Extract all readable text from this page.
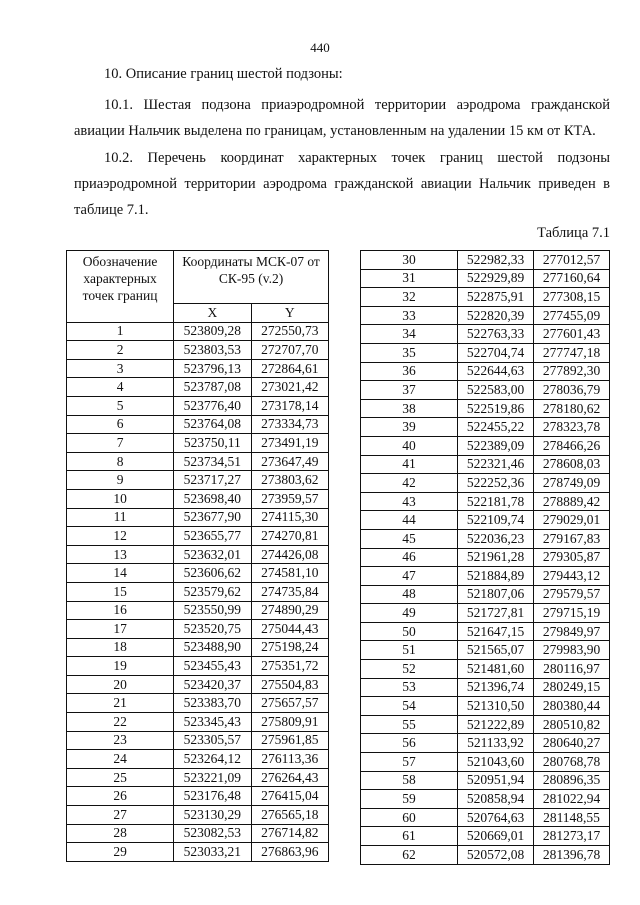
440

10. Описание границ шестой подзоны:

10.1. Шестая подзона приаэродромной территории аэродрома гражданской авиации Нальчик выделена по границам, установленным на удалении 15 км от КТА.

10.2. Перечень координат характерных точек границ шестой подзоны приаэродромной территории аэродрома гражданской авиации Нальчик приведен в таблице 7.1.

Таблица 7.1
Обозначение характерных точек границ	Координаты МСК-07 от СК-95 (v.2)	
	X	Y
1	523809,28	272550,73
2	523803,53	272707,70
3	523796,13	272864,61
4	523787,08	273021,42
5	523776,40	273178,14
6	523764,08	273334,73
7	523750,11	273491,19
8	523734,51	273647,49
9	523717,27	273803,62
10	523698,40	273959,57
11	523677,90	274115,30
12	523655,77	274270,81
13	523632,01	274426,08
14	523606,62	274581,10
15	523579,62	274735,84
16	523550,99	274890,29
17	523520,75	275044,43
18	523488,90	275198,24
19	523455,43	275351,72
20	523420,37	275504,83
21	523383,70	275657,57
22	523345,43	275809,91
23	523305,57	275961,85
24	523264,12	276113,36
25	523221,09	276264,43
26	523176,48	276415,04
27	523130,29	276565,18
28	523082,53	276714,82
29	523033,21	276863,96
30	522982,33	277012,57
31	522929,89	277160,64
32	522875,91	277308,15
33	522820,39	277455,09
34	522763,33	277601,43
35	522704,74	277747,18
36	522644,63	277892,30
37	522583,00	278036,79
38	522519,86	278180,62
39	522455,22	278323,78
40	522389,09	278466,26
41	522321,46	278608,03
42	522252,36	278749,09
43	522181,78	278889,42
44	522109,74	279029,01
45	522036,23	279167,83
46	521961,28	279305,87
47	521884,89	279443,12
48	521807,06	279579,57
49	521727,81	279715,19
50	521647,15	279849,97
51	521565,07	279983,90
52	521481,60	280116,97
53	521396,74	280249,15
54	521310,50	280380,44
55	521222,89	280510,82
56	521133,92	280640,27
57	521043,60	280768,78
58	520951,94	280896,35
59	520858,94	281022,94
60	520764,63	281148,55
61	520669,01	281273,17
62	520572,08	281396,78
